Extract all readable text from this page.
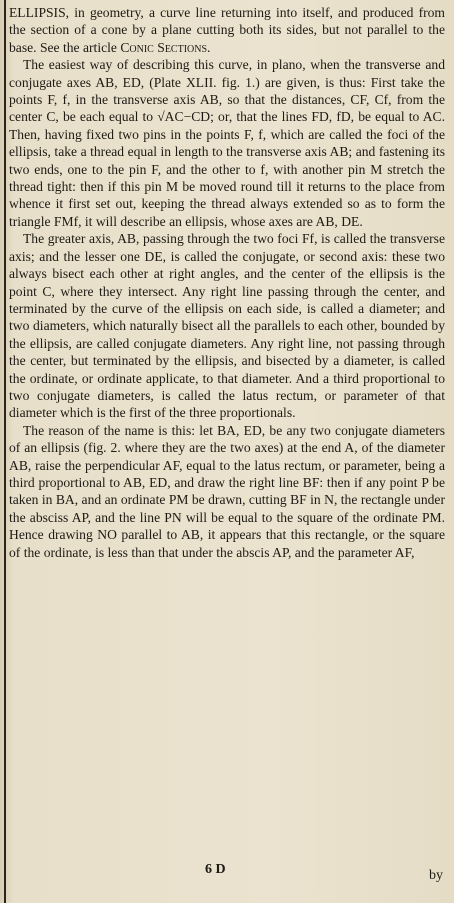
ELLIPSIS, in geometry, a curve line returning into itself, and produced from the section of a cone by a plane cutting both its sides, but not parallel to the base. See the article Conic Sections.

The easiest way of describing this curve, in plano, when the transverse and conjugate axes AB, ED, (Plate XLII. fig. 1.) are given, is thus: First take the points F, f, in the transverse axis AB, so that the distances, CF, Cf, from the center C, be each equal to √AC−CD; or, that the lines FD, fD, be equal to AC. Then, having fixed two pins in the points F, f, which are called the foci of the ellipsis, take a thread equal in length to the transverse axis AB; and fastening its two ends, one to the pin F, and the other to f, with another pin M stretch the thread tight: then if this pin M be moved round till it returns to the place from whence it first set out, keeping the thread always extended so as to form the triangle FMf, it will describe an ellipsis, whose axes are AB, DE.

The greater axis, AB, passing through the two foci Ff, is called the transverse axis; and the lesser one DE, is called the conjugate, or second axis: these two always bisect each other at right angles, and the center of the ellipsis is the point C, where they intersect. Any right line passing through the center, and terminated by the curve of the ellipsis on each side, is called a diameter; and two diameters, which naturally bisect all the parallels to each other, bounded by the ellipsis, are called conjugate diameters. Any right line, not passing through the center, but terminated by the ellipsis, and bisected by a diameter, is called the ordinate, or ordinate applicate, to that diameter. And a third proportional to two conjugate diameters, is called the latus rectum, or parameter of that diameter which is the first of the three proportionals.

The reason of the name is this: let BA, ED, be any two conjugate diameters of an ellipsis (fig. 2. where they are the two axes) at the end A, of the diameter AB, raise the perpendicular AF, equal to the latus rectum, or parameter, being a third proportional to AB, ED, and draw the right line BF: then if any point P be taken in BA, and an ordinate PM be drawn, cutting BF in N, the rectangle under the absciss AP, and the line PN will be equal to the square of the ordinate PM. Hence drawing NO parallel to AB, it appears that this rectangle, or the square of the ordinate, is less than that under the abscis AP, and the parameter AF,

6 D	by
